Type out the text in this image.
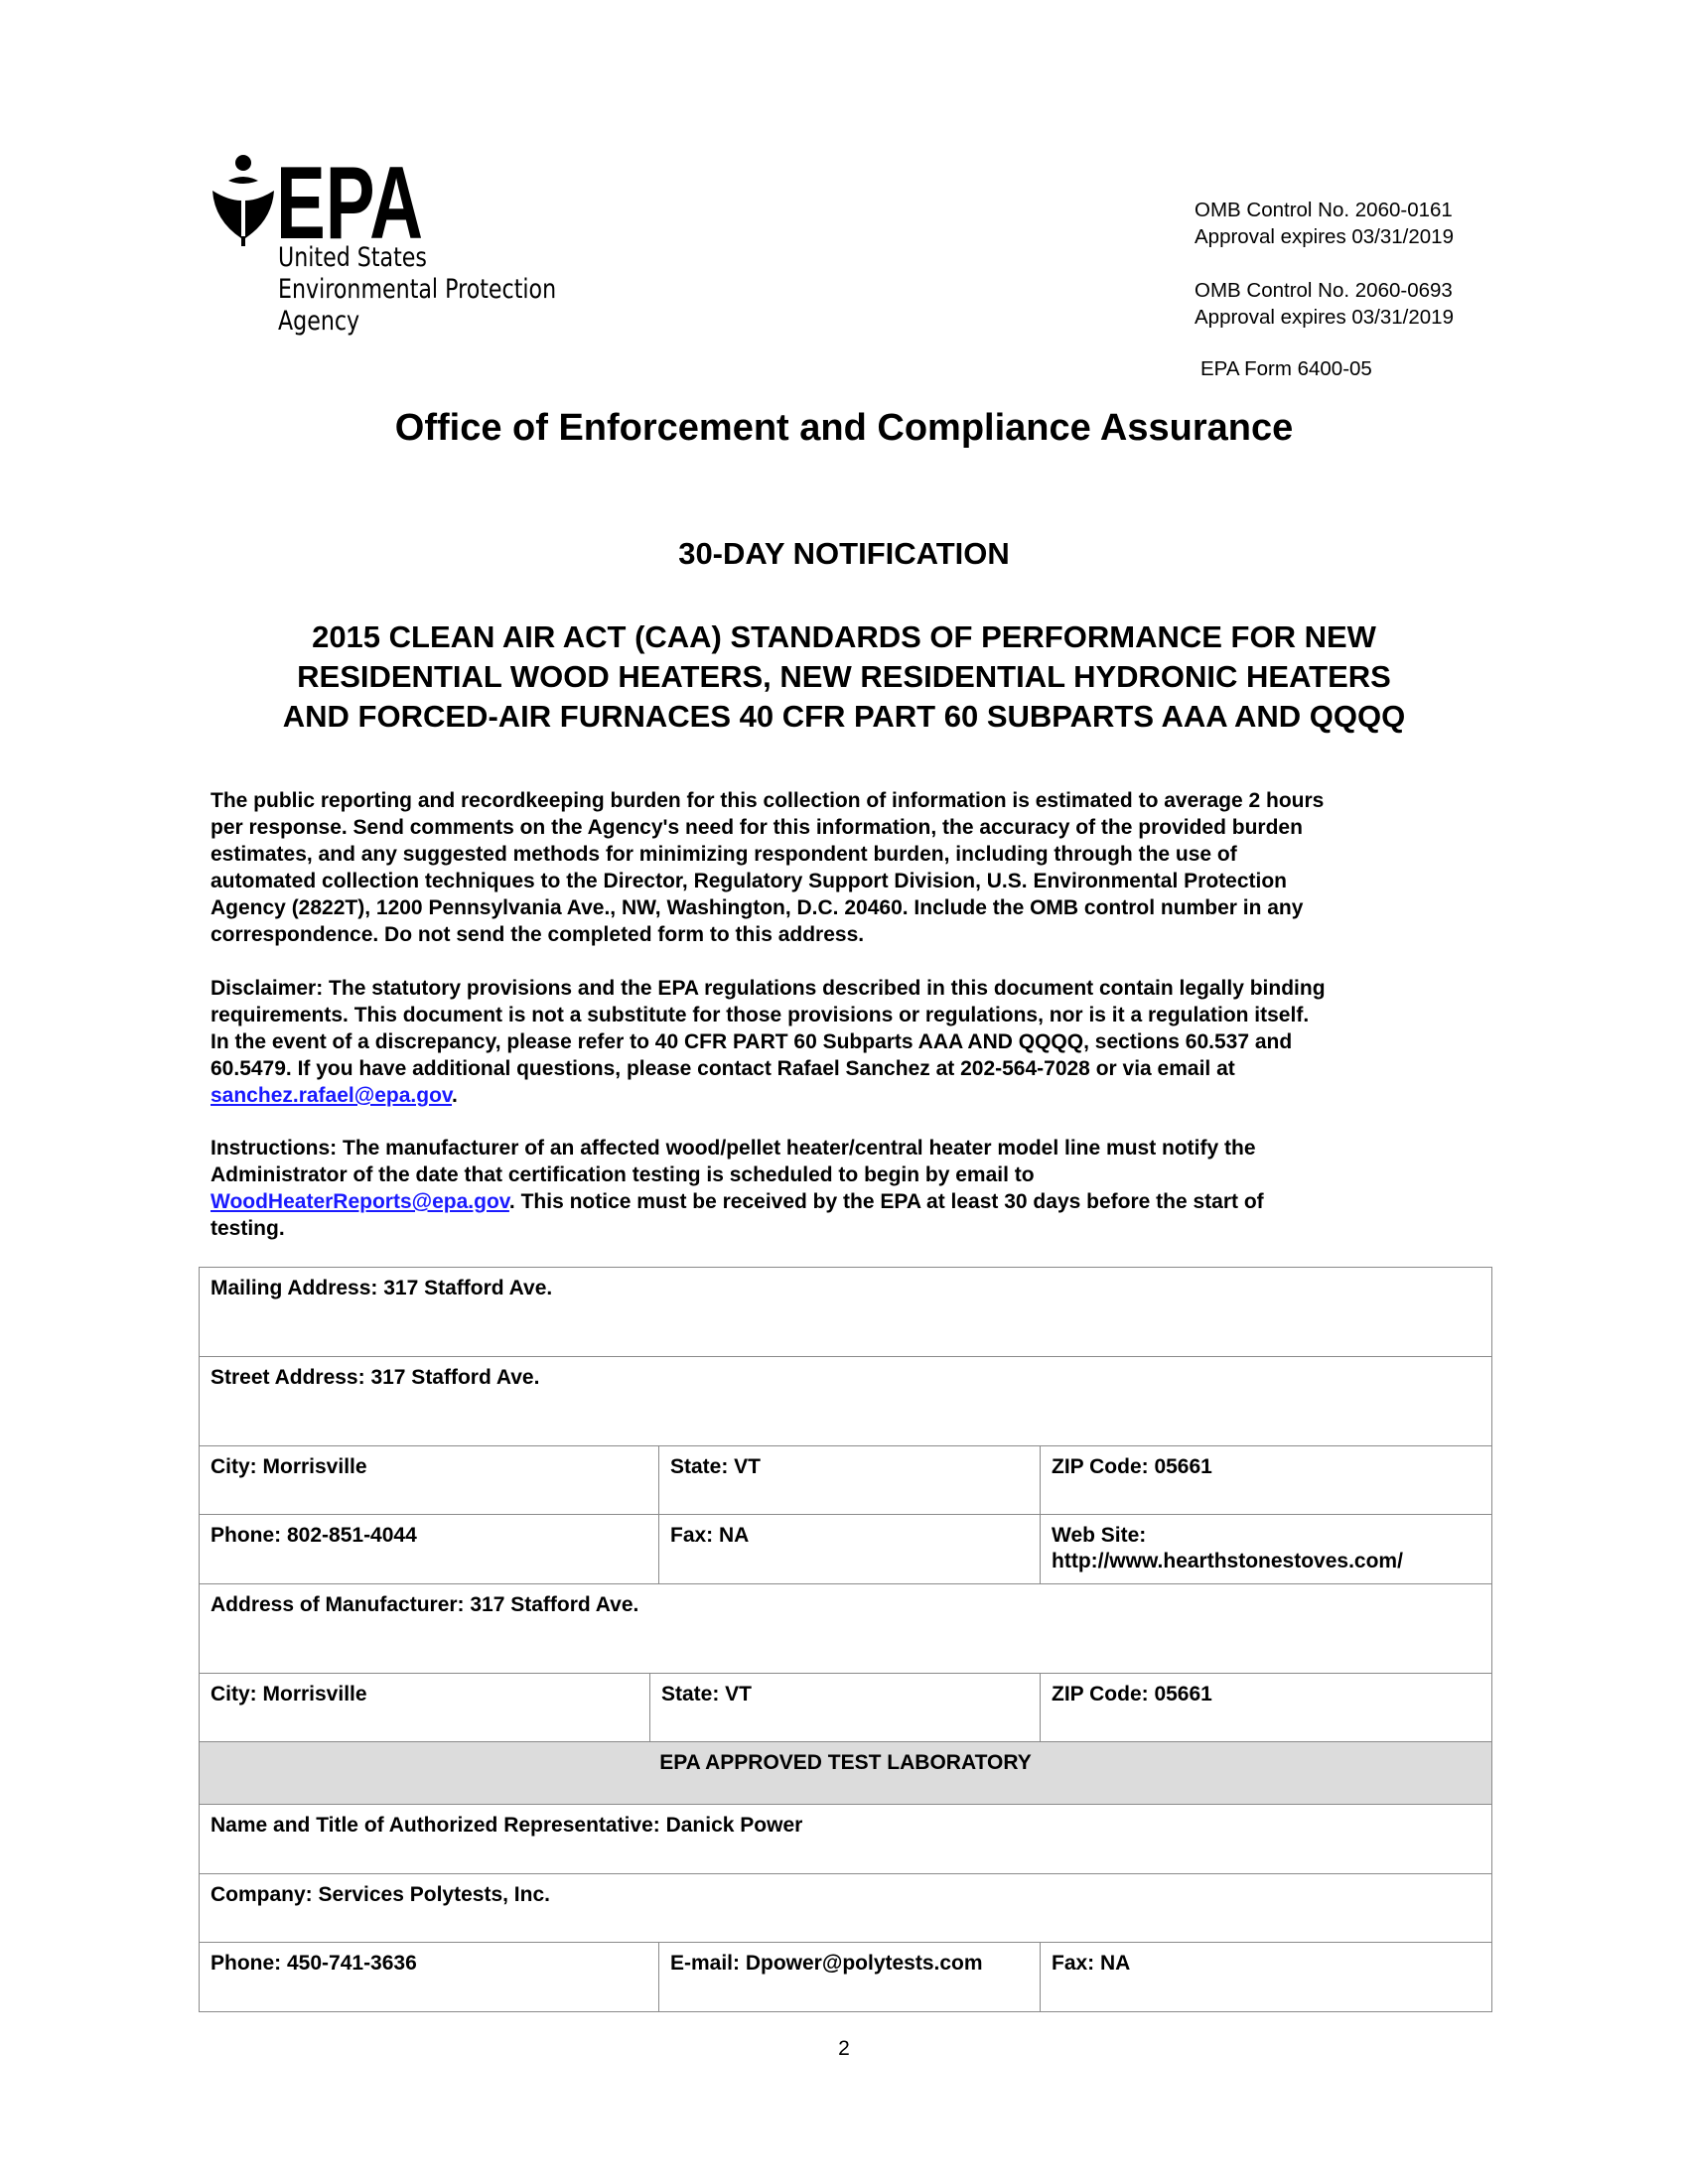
EPA
United States
Environmental Protection
Agency
OMB Control No. 2060-0161
Approval expires 03/31/2019
OMB Control No. 2060-0693
Approval expires 03/31/2019
EPA Form 6400-05
Office of Enforcement and Compliance Assurance
30-DAY NOTIFICATION
2015 CLEAN AIR ACT (CAA) STANDARDS OF PERFORMANCE FOR NEW
RESIDENTIAL WOOD HEATERS, NEW RESIDENTIAL HYDRONIC HEATERS
AND FORCED-AIR FURNACES 40 CFR PART 60 SUBPARTS AAA AND QQQQ
The public reporting and recordkeeping burden for this collection of information is estimated to average 2 hours
per response. Send comments on the Agency's need for this information, the accuracy of the provided burden
estimates, and any suggested methods for minimizing respondent burden, including through the use of
automated collection techniques to the Director, Regulatory Support Division, U.S. Environmental Protection
Agency (2822T), 1200 Pennsylvania Ave., NW, Washington, D.C. 20460. Include the OMB control number in any
correspondence. Do not send the completed form to this address.
Disclaimer: The statutory provisions and the EPA regulations described in this document contain legally binding
requirements. This document is not a substitute for those provisions or regulations, nor is it a regulation itself.
In the event of a discrepancy, please refer to 40 CFR PART 60 Subparts AAA AND QQQQ, sections 60.537 and
60.5479. If you have additional questions, please contact Rafael Sanchez at 202-564-7028 or via email at
sanchez.rafael@epa.gov.
Instructions: The manufacturer of an affected wood/pellet heater/central heater model line must notify the
Administrator of the date that certification testing is scheduled to begin by email to
WoodHeaterReports@epa.gov. This notice must be received by the EPA at least 30 days before the start of
testing.
Mailing Address: 317 Stafford Ave.			
Street Address: 317 Stafford Ave.			
City: Morrisville		State: VT	ZIP Code: 05661
Phone: 802-851-4044		Fax: NA	Web Site:
http://www.hearthstonestoves.com/

Address of Manufacturer: 317 Stafford Ave.			
City: Morrisville	State: VT		ZIP Code: 05661
EPA APPROVED TEST LABORATORY			
Name and Title of Authorized Representative: Danick Power			
Company: Services Polytests, Inc.			
Phone: 450-741-3636		E-mail: Dpower@polytests.com	Fax: NA
2
